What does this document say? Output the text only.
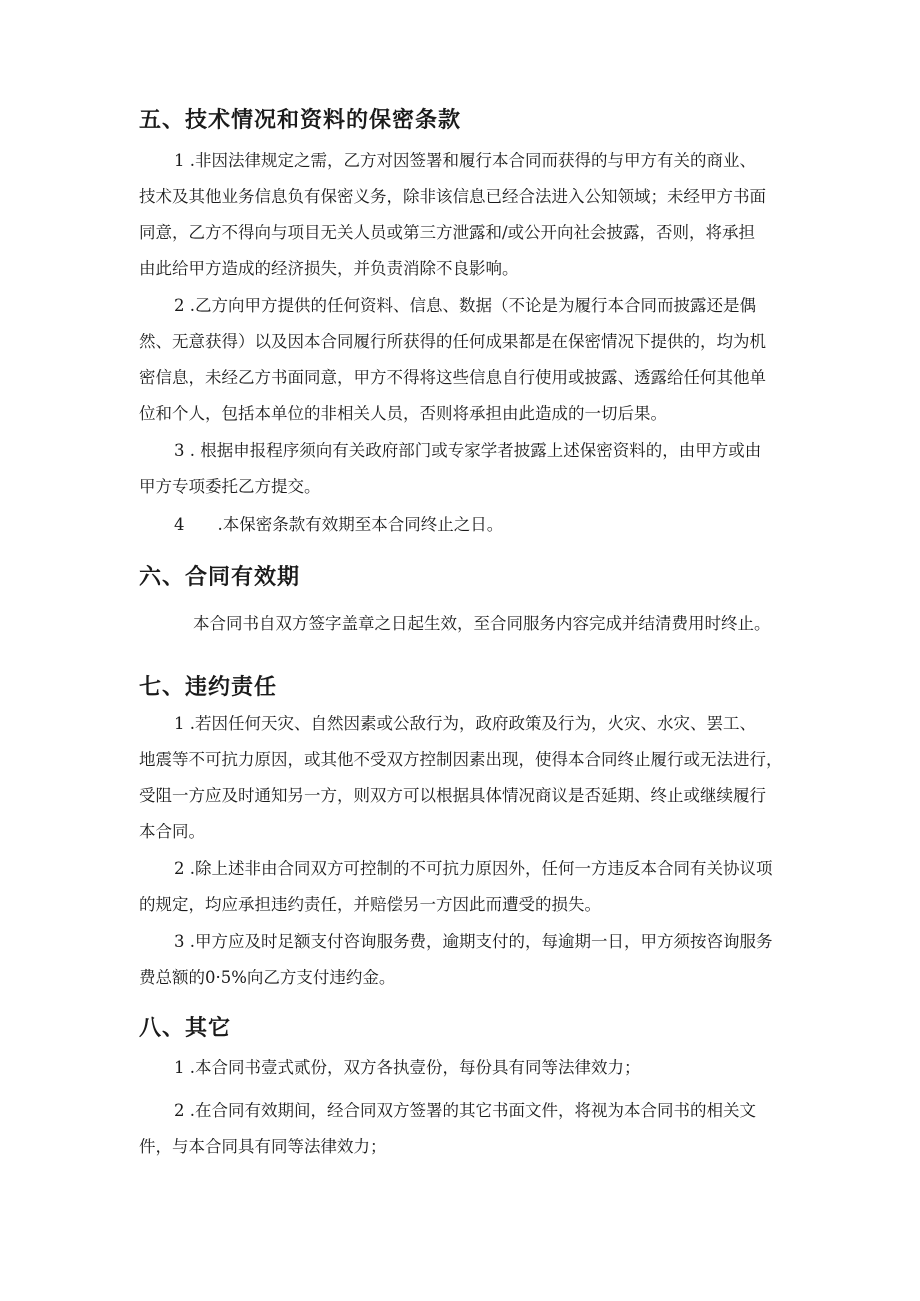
五、技术情况和资料的保密条款
1 .非因法律规定之需，乙方对因签署和履行本合同而获得的与甲方有关的商业、
技术及其他业务信息负有保密义务，除非该信息已经合法进入公知领域；未经甲方书面
同意，乙方不得向与项目无关人员或第三方泄露和/或公开向社会披露，否则，将承担
由此给甲方造成的经济损失，并负责消除不良影响。
2 .乙方向甲方提供的任何资料、信息、数据（不论是为履行本合同而披露还是偶
然、无意获得）以及因本合同履行所获得的任何成果都是在保密情况下提供的，均为机
密信息，未经乙方书面同意，甲方不得将这些信息自行使用或披露、透露给任何其他单
位和个人，包括本单位的非相关人员，否则将承担由此造成的一切后果。
3 . 根据申报程序须向有关政府部门或专家学者披露上述保密资料的，由甲方或由
甲方专项委托乙方提交。
4　　.本保密条款有效期至本合同终止之日。
六、合同有效期
本合同书自双方签字盖章之日起生效，至合同服务内容完成并结清费用时终止。
七、违约责任
1 .若因任何天灾、自然因素或公敌行为，政府政策及行为，火灾、水灾、罢工、
地震等不可抗力原因，或其他不受双方控制因素出现，使得本合同终止履行或无法进行，
受阻一方应及时通知另一方，则双方可以根据具体情况商议是否延期、终止或继续履行
本合同。
2 .除上述非由合同双方可控制的不可抗力原因外，任何一方违反本合同有关协议项
的规定，均应承担违约责任，并赔偿另一方因此而遭受的损失。
3 .甲方应及时足额支付咨询服务费，逾期支付的，每逾期一日，甲方须按咨询服务
费总额的0·5%向乙方支付违约金。
八、其它
1 .本合同书壹式贰份，双方各执壹份，每份具有同等法律效力；
2 .在合同有效期间，经合同双方签署的其它书面文件，将视为本合同书的相关文
件，与本合同具有同等法律效力；
